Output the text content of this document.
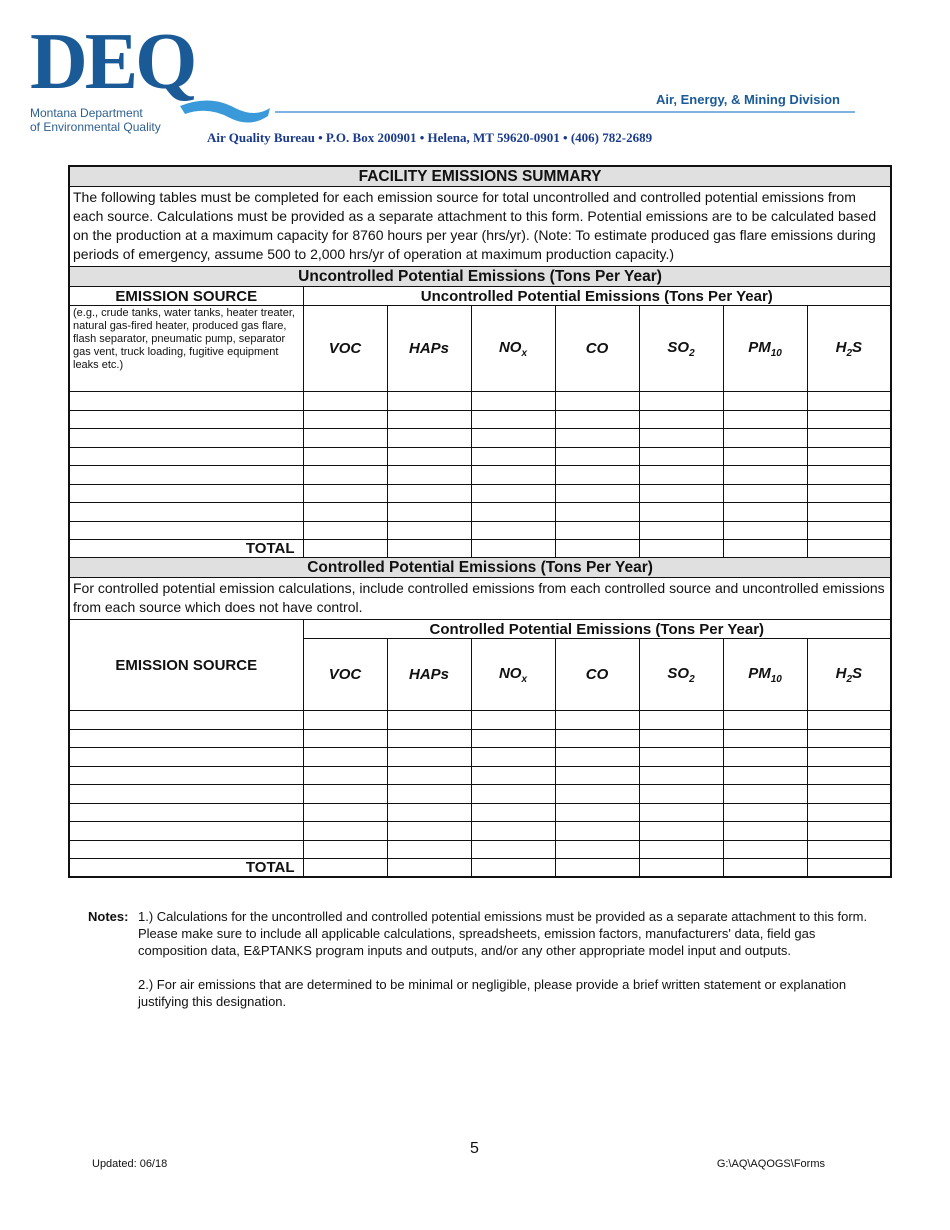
DEQ
Montana Department
of Environmental Quality
Air, Energy, & Mining Division
Air Quality Bureau • P.O. Box 200901 • Helena, MT 59620-0901 • (406) 782-2689
FACILITY EMISSIONS SUMMARY							
The following tables must be completed for each emission source for total uncontrolled and controlled potential emissions from each source. Calculations must be provided as a separate attachment to this form. Potential emissions are to be calculated based on the production at a maximum capacity for 8760 hours per year (hrs/yr). (Note: To estimate produced gas flare emissions during periods of emergency, assume 500 to 2,000 hrs/yr of operation at maximum production capacity.)							
Uncontrolled Potential Emissions (Tons Per Year)							
EMISSION SOURCE	Uncontrolled Potential Emissions (Tons Per Year)						
(e.g., crude tanks, water tanks, heater treater, natural gas-fired heater, produced gas flare, flash separator, pneumatic pump, separator gas vent, truck loading, fugitive equipment leaks etc.)	VOC	HAPs	$NO_x$	CO	$SO_2$	$PM_{10}$	$H_2S$

TOTAL							
Controlled Potential Emissions (Tons Per Year)							
For controlled potential emission calculations, include controlled emissions from each controlled source and uncontrolled emissions from each source which does not have control.							
EMISSION SOURCE	Controlled Potential Emissions (Tons Per Year)						
	VOC	HAPs	$NO_x$	CO	$SO_2$	$PM_{10}$	$H_2S$

TOTAL							
Notes: 1.) Calculations for the uncontrolled and controlled potential emissions must be provided as a separate attachment to this form. Please make sure to include all applicable calculations, spreadsheets, emission factors, manufacturers' data, field gas composition data, E&PTANKS program inputs and outputs, and/or any other appropriate model input and outputs.

2.) For air emissions that are determined to be minimal or negligible, please provide a brief written statement or explanation justifying this designation.

5
Updated: 06/18	G:\AQ\AQOGS\Forms
